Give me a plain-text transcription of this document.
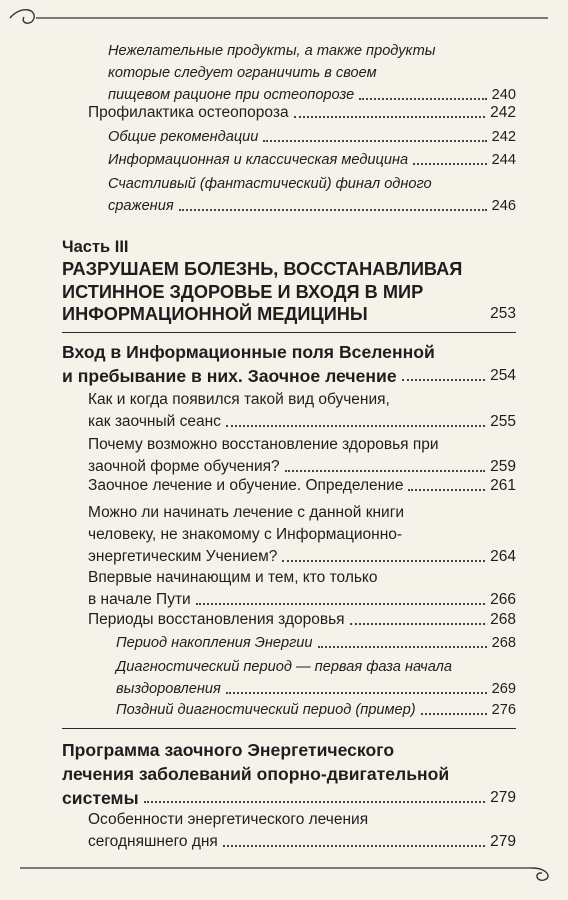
Нежелательные продукты, а также продукты
которые следует ограничить в своем
пищевом рационе при остеопорозе	240
Профилактика остеопороза	242
Общие рекомендации	242
Информационная и классическая медицина	244
Счастливый (фантастический) финал одного
сражения	246
Часть III
РАЗРУШАЕМ БОЛЕЗНЬ, ВОССТАНАВЛИВАЯ
ИСТИННОЕ ЗДОРОВЬЕ И ВХОДЯ В МИР
ИНФОРМАЦИОННОЙ МЕДИЦИНЫ	253
Вход в Информационные поля Вселенной
и пребывание в них. Заочное лечение	254
Как и когда появился такой вид обучения,
как заочный сеанс	255
Почему возможно восстановление здоровья при
заочной форме обучения?	259
Заочное лечение и обучение. Определение	261
Можно ли начинать лечение с данной книги
человеку, не знакомому с Информационно-
энергетическим Учением?	264
Впервые начинающим и тем, кто только
в начале Пути	266
Периоды восстановления здоровья	268
Период накопления Энергии	268
Диагностический период — первая фаза начала
выздоровления	269
Поздний диагностический период (пример)	276
Программа заочного Энергетического
лечения заболеваний опорно-двигательной
системы	279
Особенности энергетического лечения
сегодняшнего дня	279
